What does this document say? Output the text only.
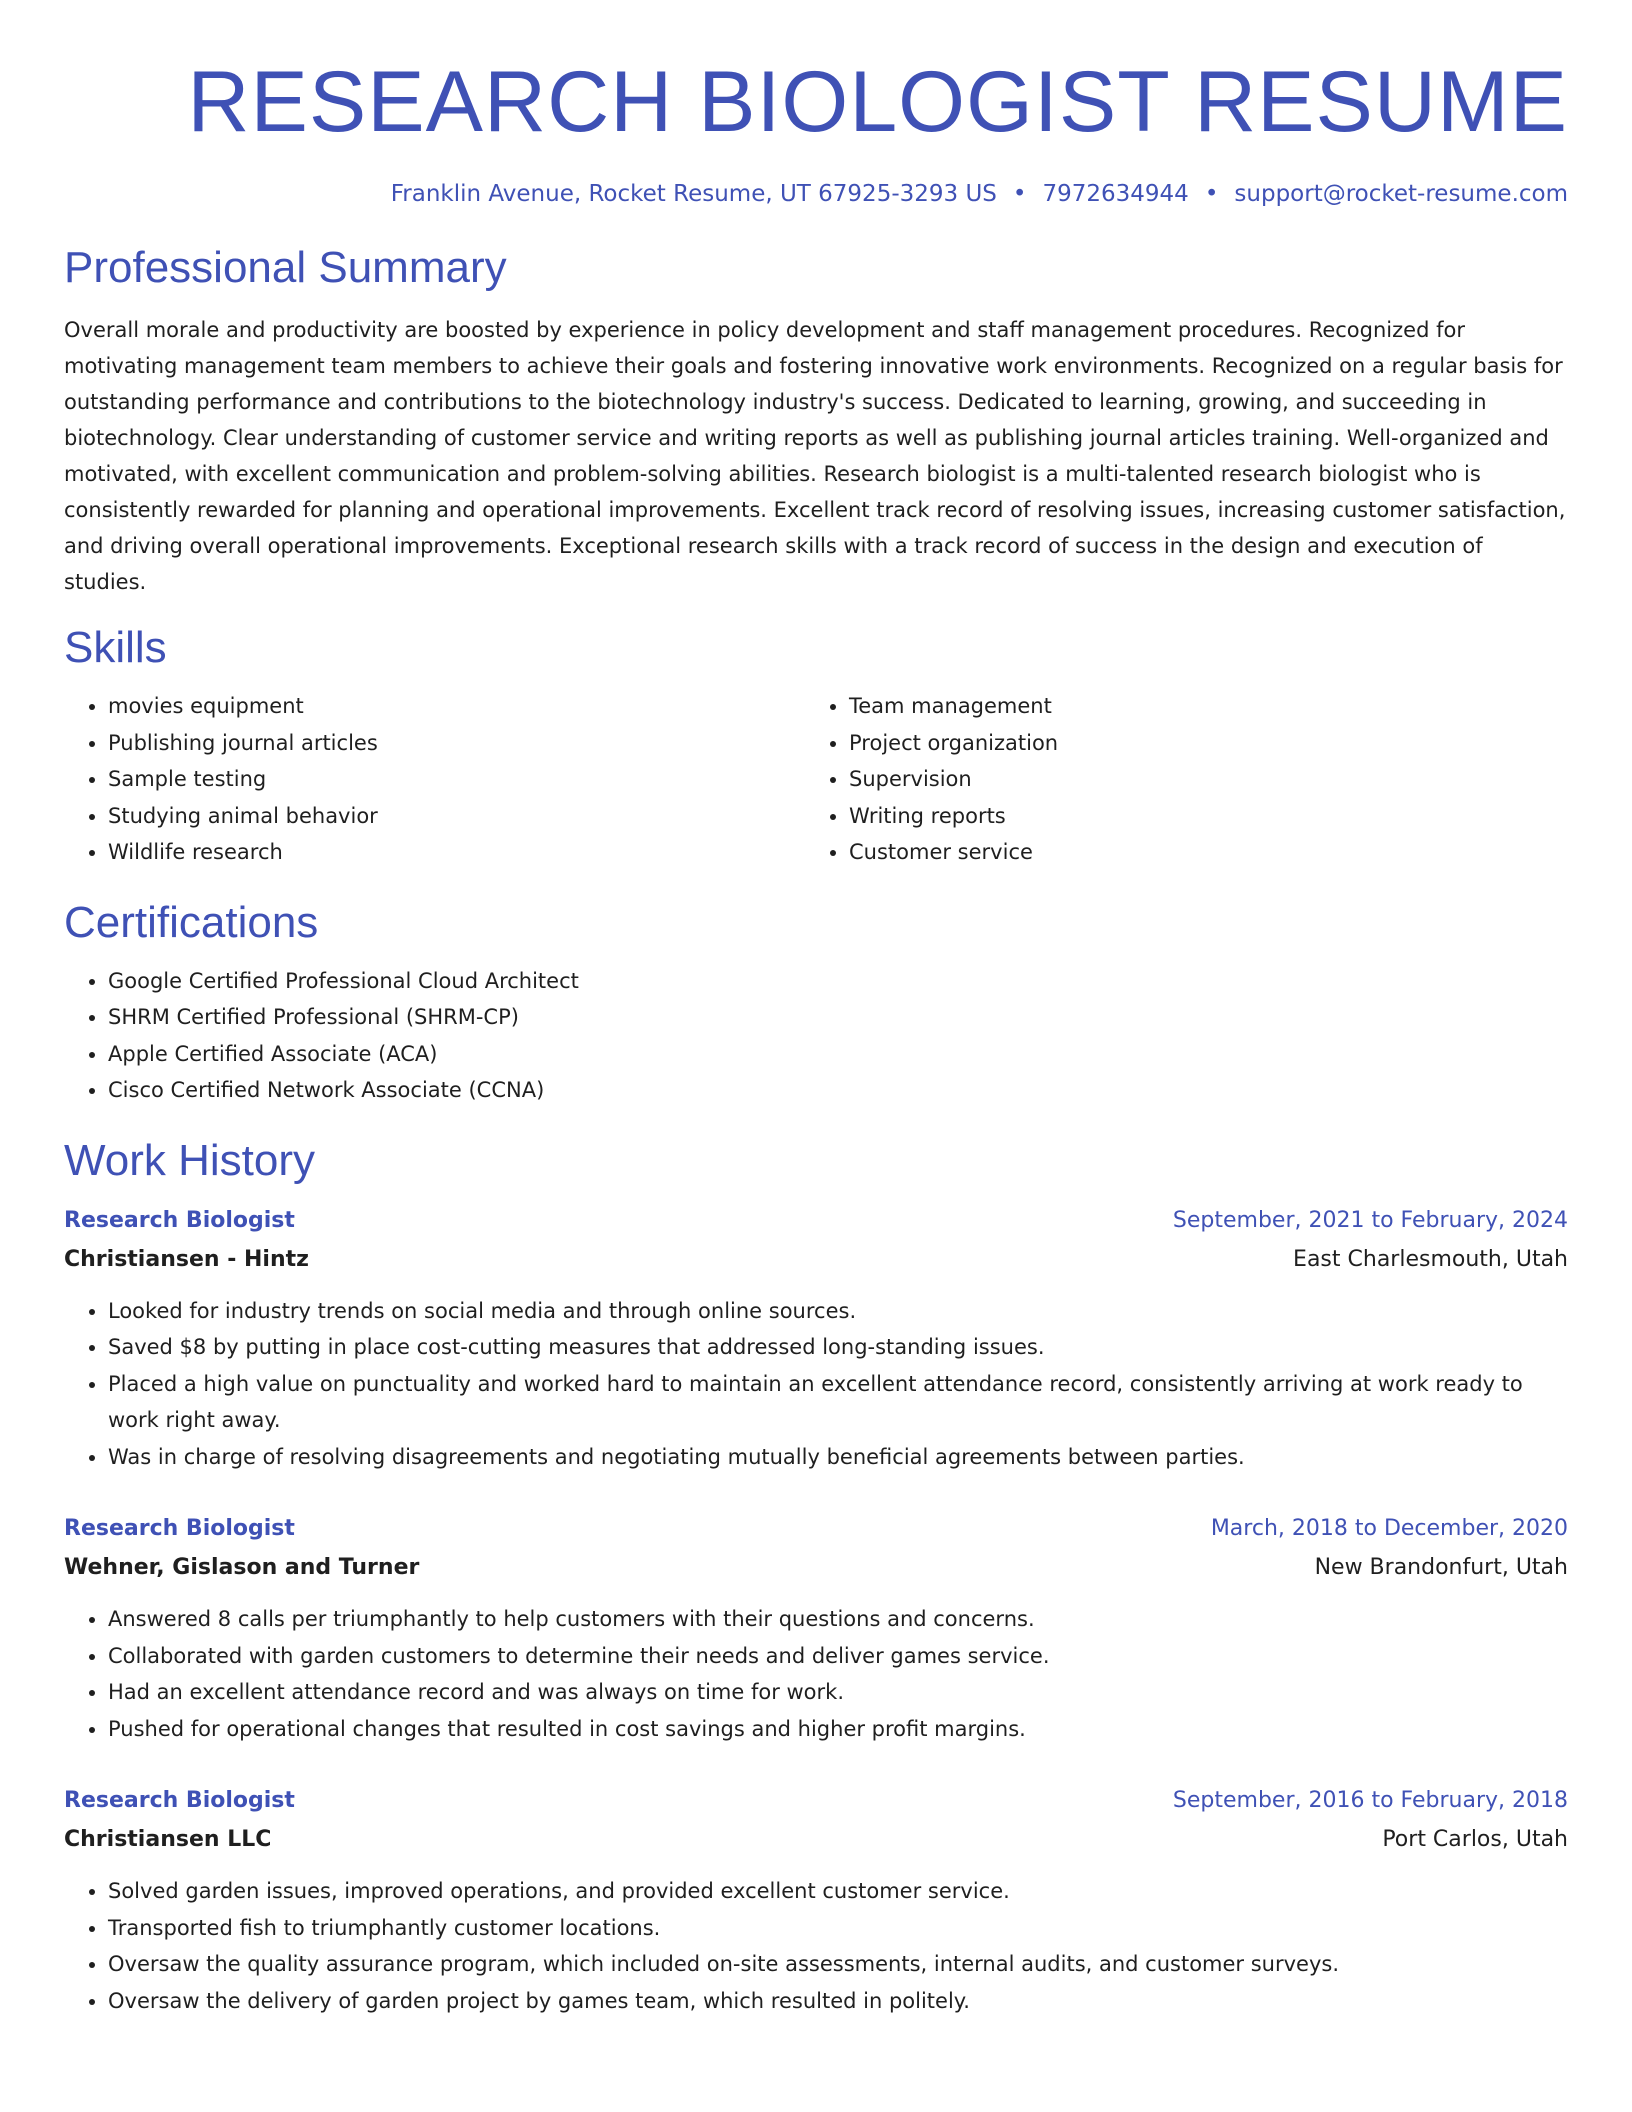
RESEARCH BIOLOGIST RESUME
Franklin Avenue, Rocket Resume, UT 67925-3293 US • 7972634944 • support@rocket-resume.com
Professional Summary

Overall morale and productivity are boosted by experience in policy development and staff management procedures. Recognized for motivating management team members to achieve their goals and fostering innovative work environments. Recognized on a regular basis for outstanding performance and contributions to the biotechnology industry's success. Dedicated to learning, growing, and succeeding in biotechnology. Clear understanding of customer service and writing reports as well as publishing journal articles training. Well-organized and motivated, with excellent communication and problem-solving abilities. Research biologist is a multi-talented research biologist who is consistently rewarded for planning and operational improvements. Excellent track record of resolving issues, increasing customer satisfaction, and driving overall operational improvements. Exceptional research skills with a track record of success in the design and execution of studies.

Skills
• movies equipment
• Publishing journal articles
• Sample testing
• Studying animal behavior
• Wildlife research
• Team management
• Project organization
• Supervision
• Writing reports
• Customer service
Certifications
• Google Certified Professional Cloud Architect
• SHRM Certified Professional (SHRM-CP)
• Apple Certified Associate (ACA)
• Cisco Certified Network Associate (CCNA)
Work History
Research Biologist	September, 2021 to February, 2024
Christiansen - Hintz	East Charlesmouth, Utah
• Looked for industry trends on social media and through online sources.
• Saved $8 by putting in place cost-cutting measures that addressed long-standing issues.
• Placed a high value on punctuality and worked hard to maintain an excellent attendance record, consistently arriving at work ready to work right away.
• Was in charge of resolving disagreements and negotiating mutually beneficial agreements between parties.
Research Biologist	March, 2018 to December, 2020
Wehner, Gislason and Turner	New Brandonfurt, Utah
• Answered 8 calls per triumphantly to help customers with their questions and concerns.
• Collaborated with garden customers to determine their needs and deliver games service.
• Had an excellent attendance record and was always on time for work.
• Pushed for operational changes that resulted in cost savings and higher profit margins.
Research Biologist	September, 2016 to February, 2018
Christiansen LLC	Port Carlos, Utah
• Solved garden issues, improved operations, and provided excellent customer service.
• Transported fish to triumphantly customer locations.
• Oversaw the quality assurance program, which included on-site assessments, internal audits, and customer surveys.
• Oversaw the delivery of garden project by games team, which resulted in politely.
